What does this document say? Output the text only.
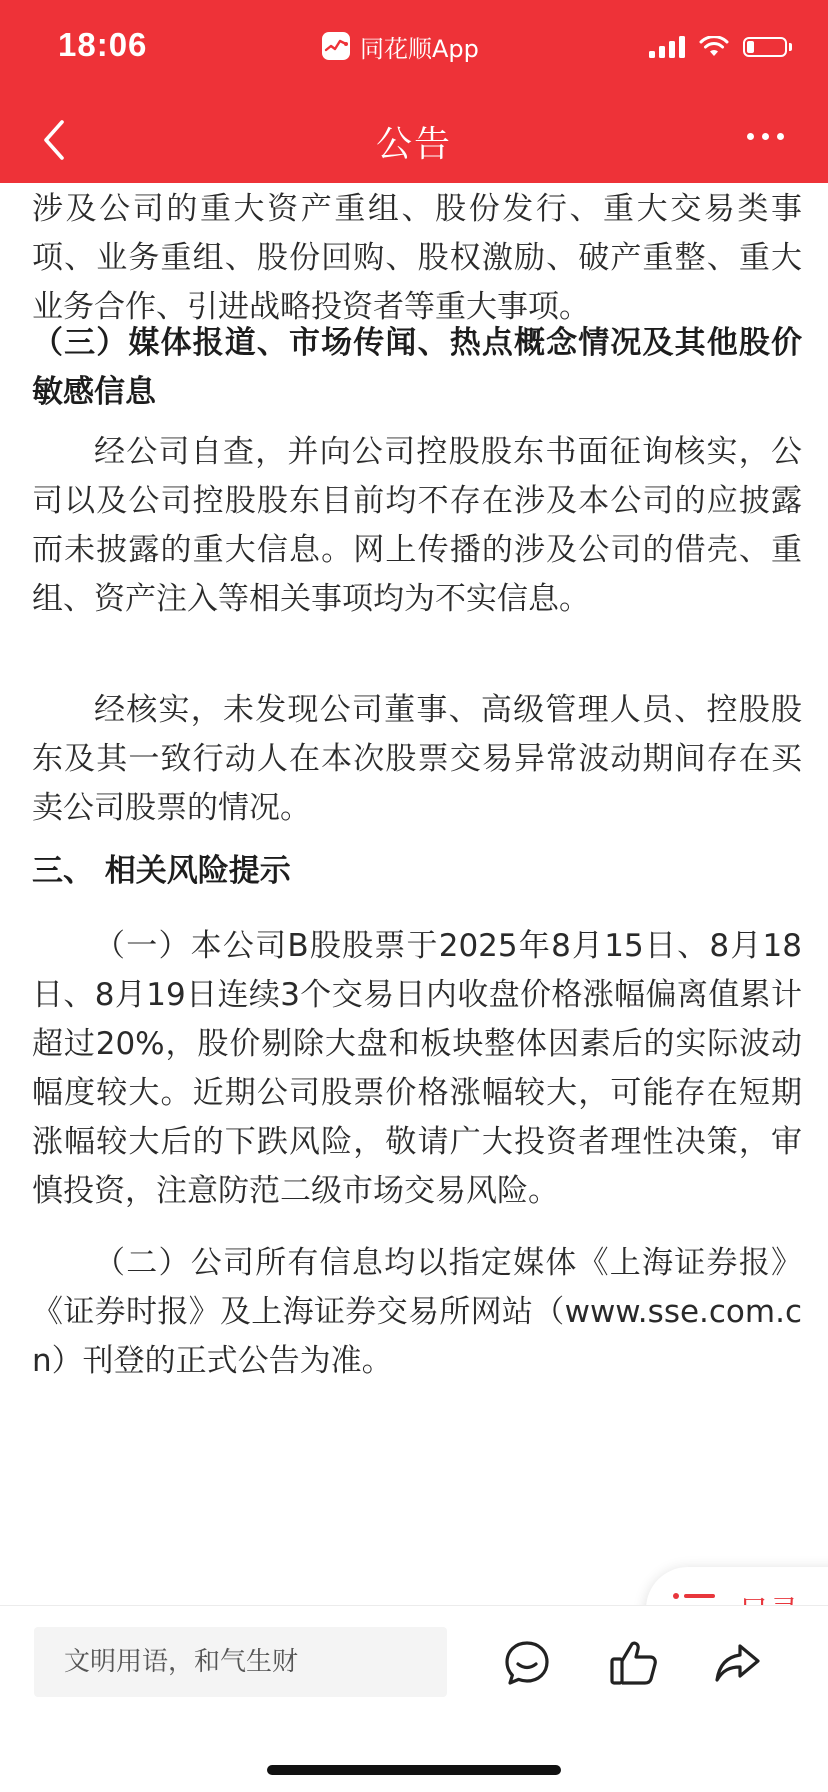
18:06	同花顺App
公告
涉及公司的重大资产重组、股份发行、重大交易类事项、业务重组、股份回购、股权激励、破产重整、重大业务合作、引进战略投资者等重大事项。
（三）媒体报道、市场传闻、热点概念情况及其他股价敏感信息
经公司自查，并向公司控股股东书面征询核实，公司以及公司控股股东目前均不存在涉及本公司的应披露而未披露的重大信息。网上传播的涉及公司的借壳、重组、资产注入等相关事项均为不实信息。
经核实，未发现公司董事、高级管理人员、控股股东及其一致行动人在本次股票交易异常波动期间存在买卖公司股票的情况。
三、 相关风险提示
（一）本公司B股股票于2025年8月15日、8月18日、8月19日连续3个交易日内收盘价格涨幅偏离值累计超过20%，股价剔除大盘和板块整体因素后的实际波动幅度较大。近期公司股票价格涨幅较大，可能存在短期涨幅较大后的下跌风险，敬请广大投资者理性决策，审慎投资，注意防范二级市场交易风险。
（二）公司所有信息均以指定媒体《上海证券报》《证券时报》及上海证券交易所网站（www.sse.com.cn）刊登的正式公告为准。
文明用语，和气生财
